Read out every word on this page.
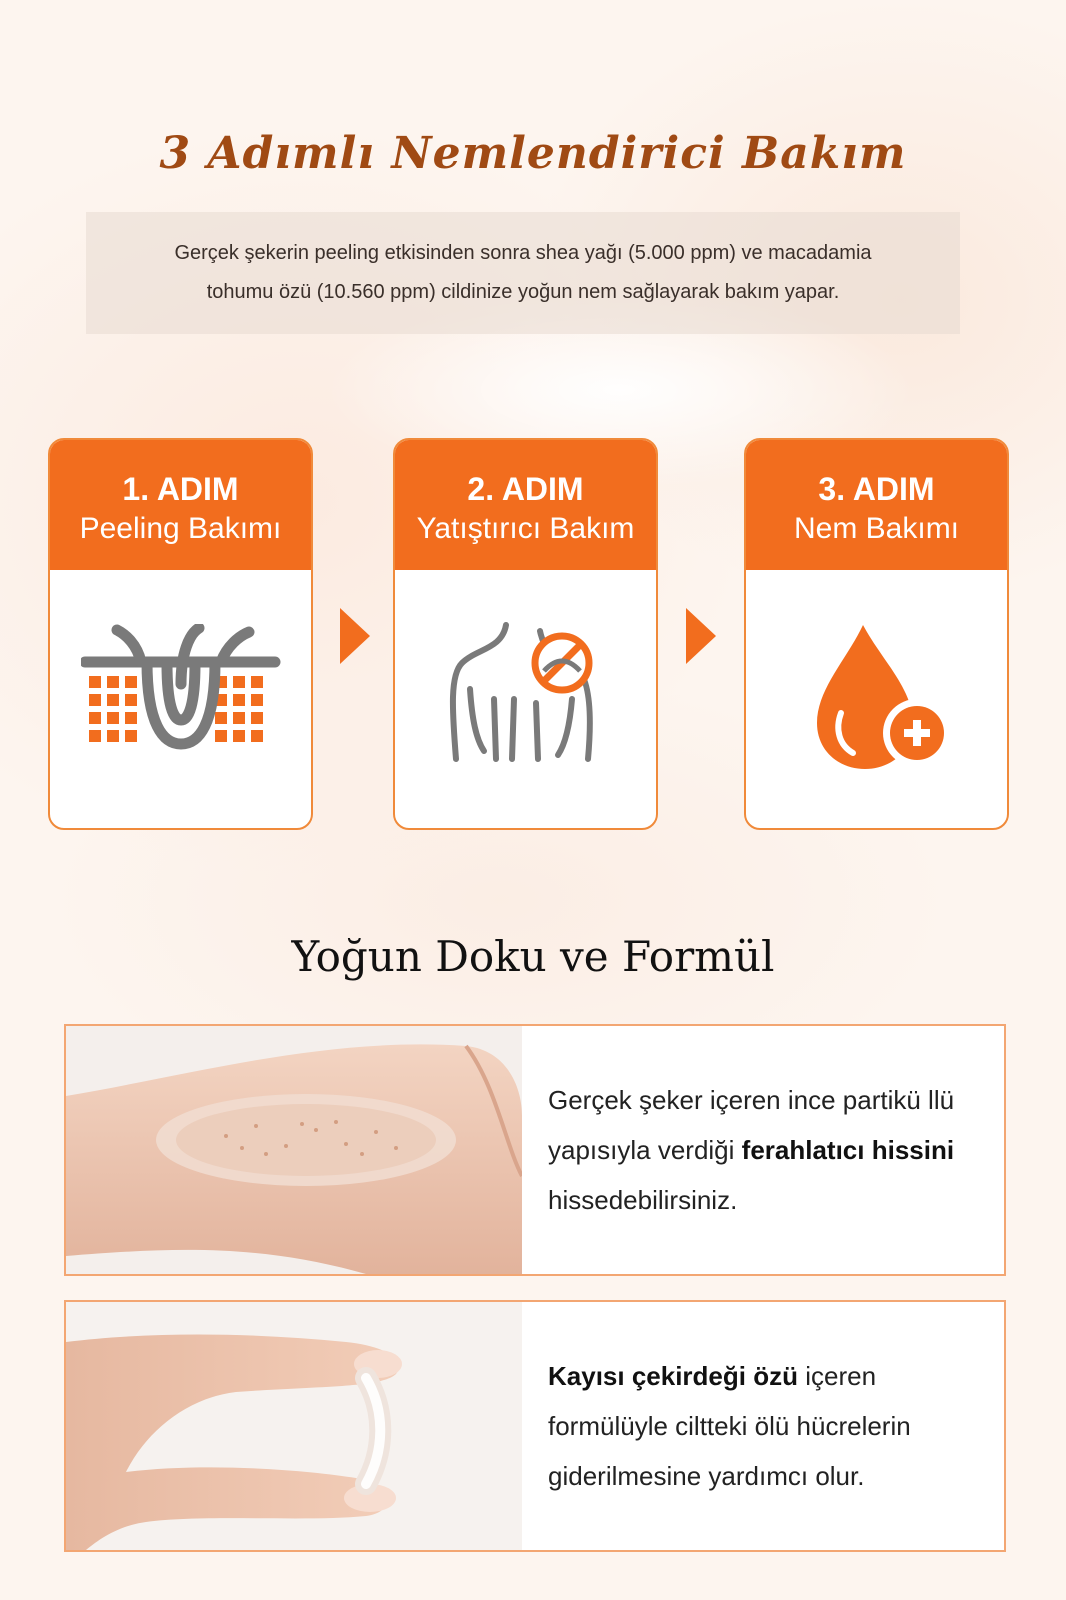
3 Adımlı Nemlendirici Bakım
Gerçek şekerin peeling etkisinden sonra shea yağı (5.000 ppm) ve macadamia
tohumu özü (10.560 ppm) cildinize yoğun nem sağlayarak bakım yapar.
1. ADIM
Peeling Bakımı
2. ADIM
Yatıştırıcı Bakım
3. ADIM
Nem Bakımı
Yoğun Doku ve Formül
Gerçek şeker içeren ince partikü llü
yapısıyla verdiği ferahlatıcı hissini
hissedebilirsiniz.
Kayısı çekirdeği özü içeren
formülüyle ciltteki ölü hücrelerin
giderilmesine yardımcı olur.
